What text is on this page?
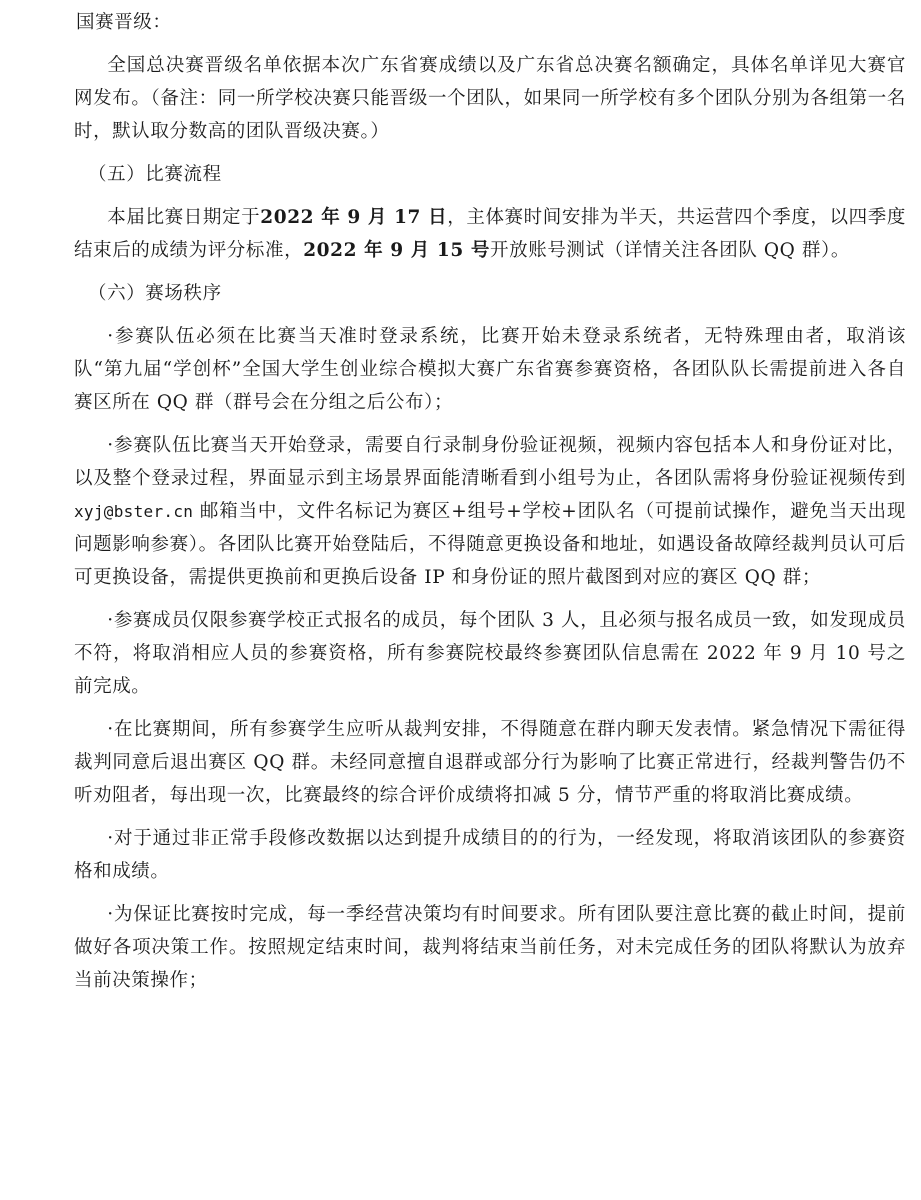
国赛晋级：

全国总决赛晋级名单依据本次广东省赛成绩以及广东省总决赛名额确定，具体名单详见大赛官网发布。（备注：同一所学校决赛只能晋级一个团队，如果同一所学校有多个团队分别为各组第一名时，默认取分数高的团队晋级决赛。）

（五）比赛流程

本届比赛日期定于2022 年 9 月 17 日，主体赛时间安排为半天，共运营四个季度，以四季度结束后的成绩为评分标准，2022 年 9 月 15 号开放账号测试（详情关注各团队 QQ 群）。

（六）赛场秩序

·参赛队伍必须在比赛当天准时登录系统，比赛开始未登录系统者，无特殊理由者，取消该队“第九届“学创杯”全国大学生创业综合模拟大赛广东省赛参赛资格，各团队队长需提前进入各自赛区所在 QQ 群（群号会在分组之后公布）；

·参赛队伍比赛当天开始登录，需要自行录制身份验证视频，视频内容包括本人和身份证对比，以及整个登录过程，界面显示到主场景界面能清晰看到小组号为止，各团队需将身份验证视频传到 xyj@bster.cn 邮箱当中，文件名标记为赛区+组号+学校+团队名（可提前试操作，避免当天出现问题影响参赛）。各团队比赛开始登陆后，不得随意更换设备和地址，如遇设备故障经裁判员认可后可更换设备，需提供更换前和更换后设备 IP 和身份证的照片截图到对应的赛区 QQ 群；

·参赛成员仅限参赛学校正式报名的成员，每个团队 3 人，且必须与报名成员一致，如发现成员不符，将取消相应人员的参赛资格，所有参赛院校最终参赛团队信息需在 2022 年 9 月 10 号之前完成。

·在比赛期间，所有参赛学生应听从裁判安排，不得随意在群内聊天发表情。紧急情况下需征得裁判同意后退出赛区 QQ 群。未经同意擅自退群或部分行为影响了比赛正常进行，经裁判警告仍不听劝阻者，每出现一次，比赛最终的综合评价成绩将扣减 5 分，情节严重的将取消比赛成绩。

·对于通过非正常手段修改数据以达到提升成绩目的的行为，一经发现，将取消该团队的参赛资格和成绩。

·为保证比赛按时完成，每一季经营决策均有时间要求。所有团队要注意比赛的截止时间，提前做好各项决策工作。按照规定结束时间，裁判将结束当前任务，对未完成任务的团队将默认为放弃当前决策操作；
